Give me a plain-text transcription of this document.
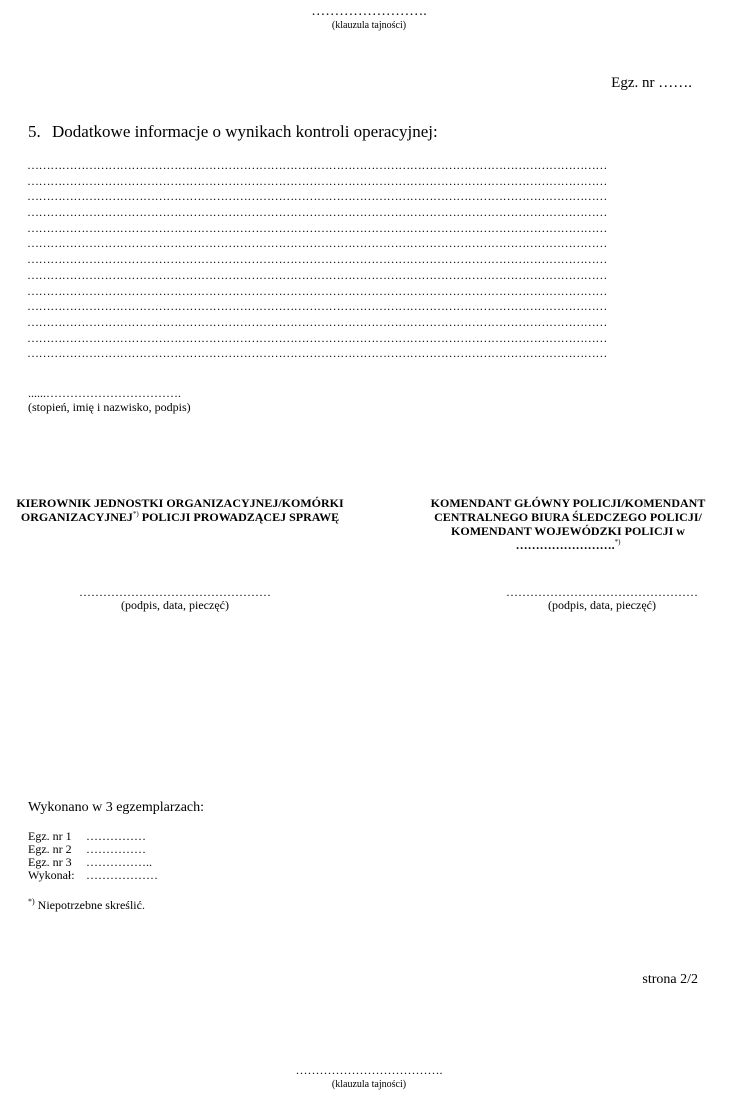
…………………….
(klauzula tajności)
Egz. nr …….
5. Dodatkowe informacje o wynikach kontroli operacyjnej:
……………………………………………………………………………………………………………………………………
……………………………………………………………………………………………………………………………………
……………………………………………………………………………………………………………………………………
……………………………………………………………………………………………………………………………………
……………………………………………………………………………………………………………………………………
……………………………………………………………………………………………………………………………………
……………………………………………………………………………………………………………………………………
……………………………………………………………………………………………………………………………………
……………………………………………………………………………………………………………………………………
……………………………………………………………………………………………………………………………………
……………………………………………………………………………………………………………………………………
……………………………………………………………………………………………………………………………………
……………………………………………………………………………………………………………………………………
......…………………………….
(stopień, imię i nazwisko, podpis)
KIEROWNIK JEDNOSTKI ORGANIZACYJNEJ/KOMÓRKI
ORGANIZACYJNEJ*) POLICJI PROWADZĄCEJ SPRAWĘ
KOMENDANT GŁÓWNY POLICJI/KOMENDANT
CENTRALNEGO BIURA ŚLEDCZEGO POLICJI/
KOMENDANT WOJEWÓDZKI POLICJI w
…………………….*)
…………………………………………
(podpis, data, pieczęć)
…………………………………………
(podpis, data, pieczęć)
Wykonano w 3 egzemplarzach:
Egz. nr 1 ……………
Egz. nr 2 ……………
Egz. nr 3 ……………..
Wykonał: ………………
*) Niepotrzebne skreślić.
strona 2/2
……………………………….
(klauzula tajności)
